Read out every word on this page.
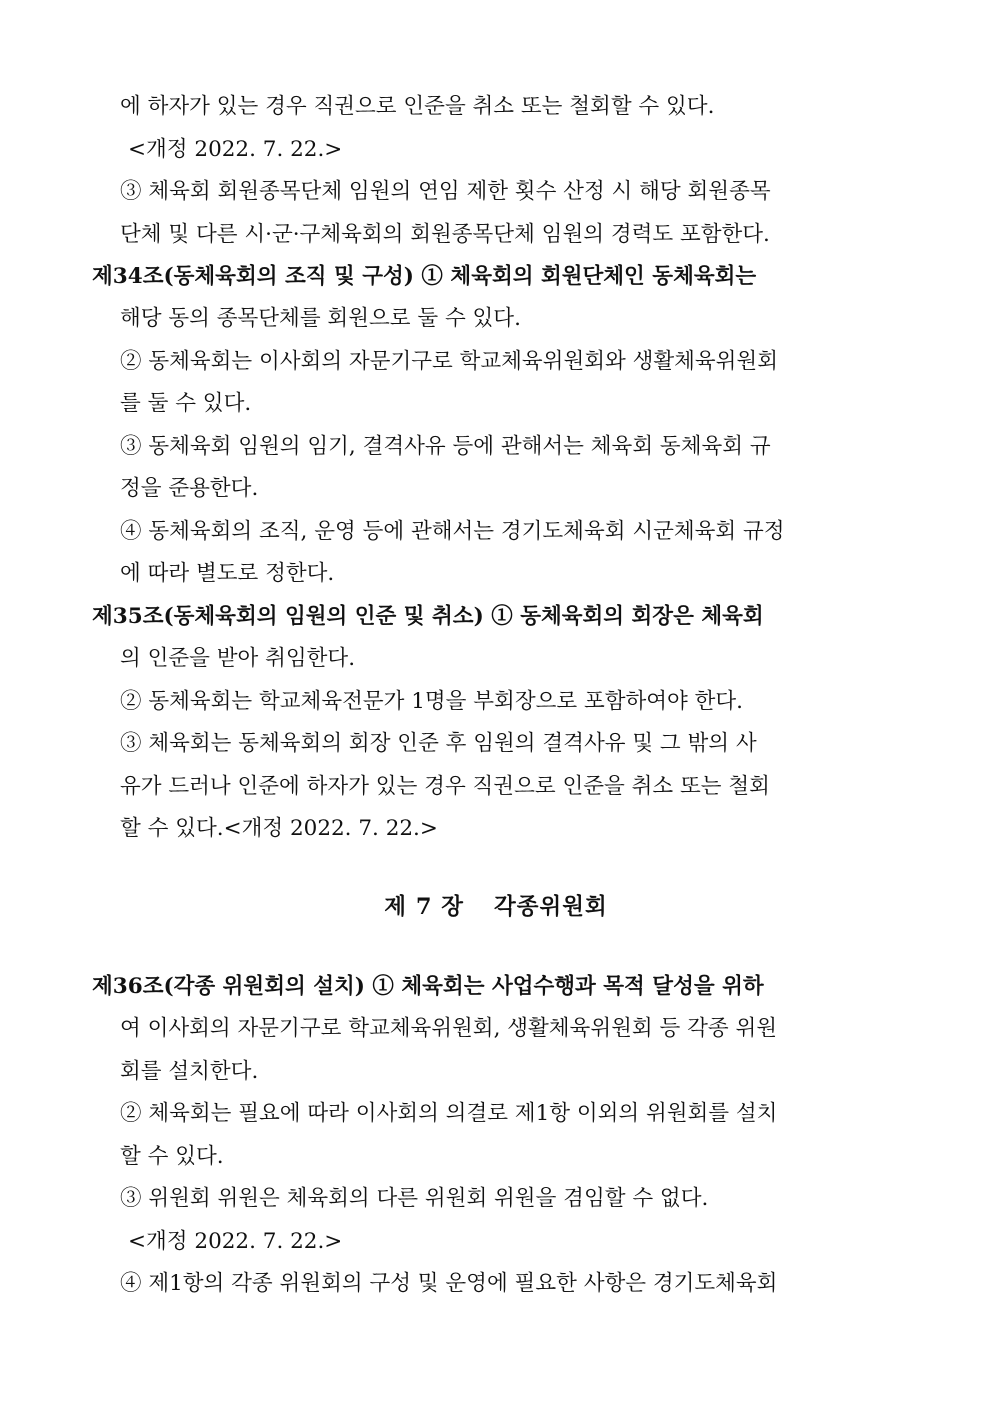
에 하자가 있는 경우 직권으로 인준을 취소 또는 철회할 수 있다.
<개정 2022. 7. 22.>
③ 체육회 회원종목단체 임원의 연임 제한 횟수 산정 시 해당 회원종목
단체 및 다른 시·군·구체육회의 회원종목단체 임원의 경력도 포함한다.
제34조(동체육회의 조직 및 구성) ① 체육회의 회원단체인 동체육회는
해당 동의 종목단체를 회원으로 둘 수 있다.
② 동체육회는 이사회의 자문기구로 학교체육위원회와 생활체육위원회
를 둘 수 있다.
③ 동체육회 임원의 임기, 결격사유 등에 관해서는 체육회 동체육회 규
정을 준용한다.
④ 동체육회의 조직, 운영 등에 관해서는 경기도체육회 시군체육회 규정
에 따라 별도로 정한다.
제35조(동체육회의 임원의 인준 및 취소) ① 동체육회의 회장은 체육회
의 인준을 받아 취임한다.
② 동체육회는 학교체육전문가 1명을 부회장으로 포함하여야 한다.
③ 체육회는 동체육회의 회장 인준 후 임원의 결격사유 및 그 밖의 사
유가 드러나 인준에 하자가 있는 경우 직권으로 인준을 취소 또는 철회
할 수 있다.<개정 2022. 7. 22.>
제 7 장 각종위원회
제36조(각종 위원회의 설치) ① 체육회는 사업수행과 목적 달성을 위하
여 이사회의 자문기구로 학교체육위원회, 생활체육위원회 등 각종 위원
회를 설치한다.
② 체육회는 필요에 따라 이사회의 의결로 제1항 이외의 위원회를 설치
할 수 있다.
③ 위원회 위원은 체육회의 다른 위원회 위원을 겸임할 수 없다.
<개정 2022. 7. 22.>
④ 제1항의 각종 위원회의 구성 및 운영에 필요한 사항은 경기도체육회
